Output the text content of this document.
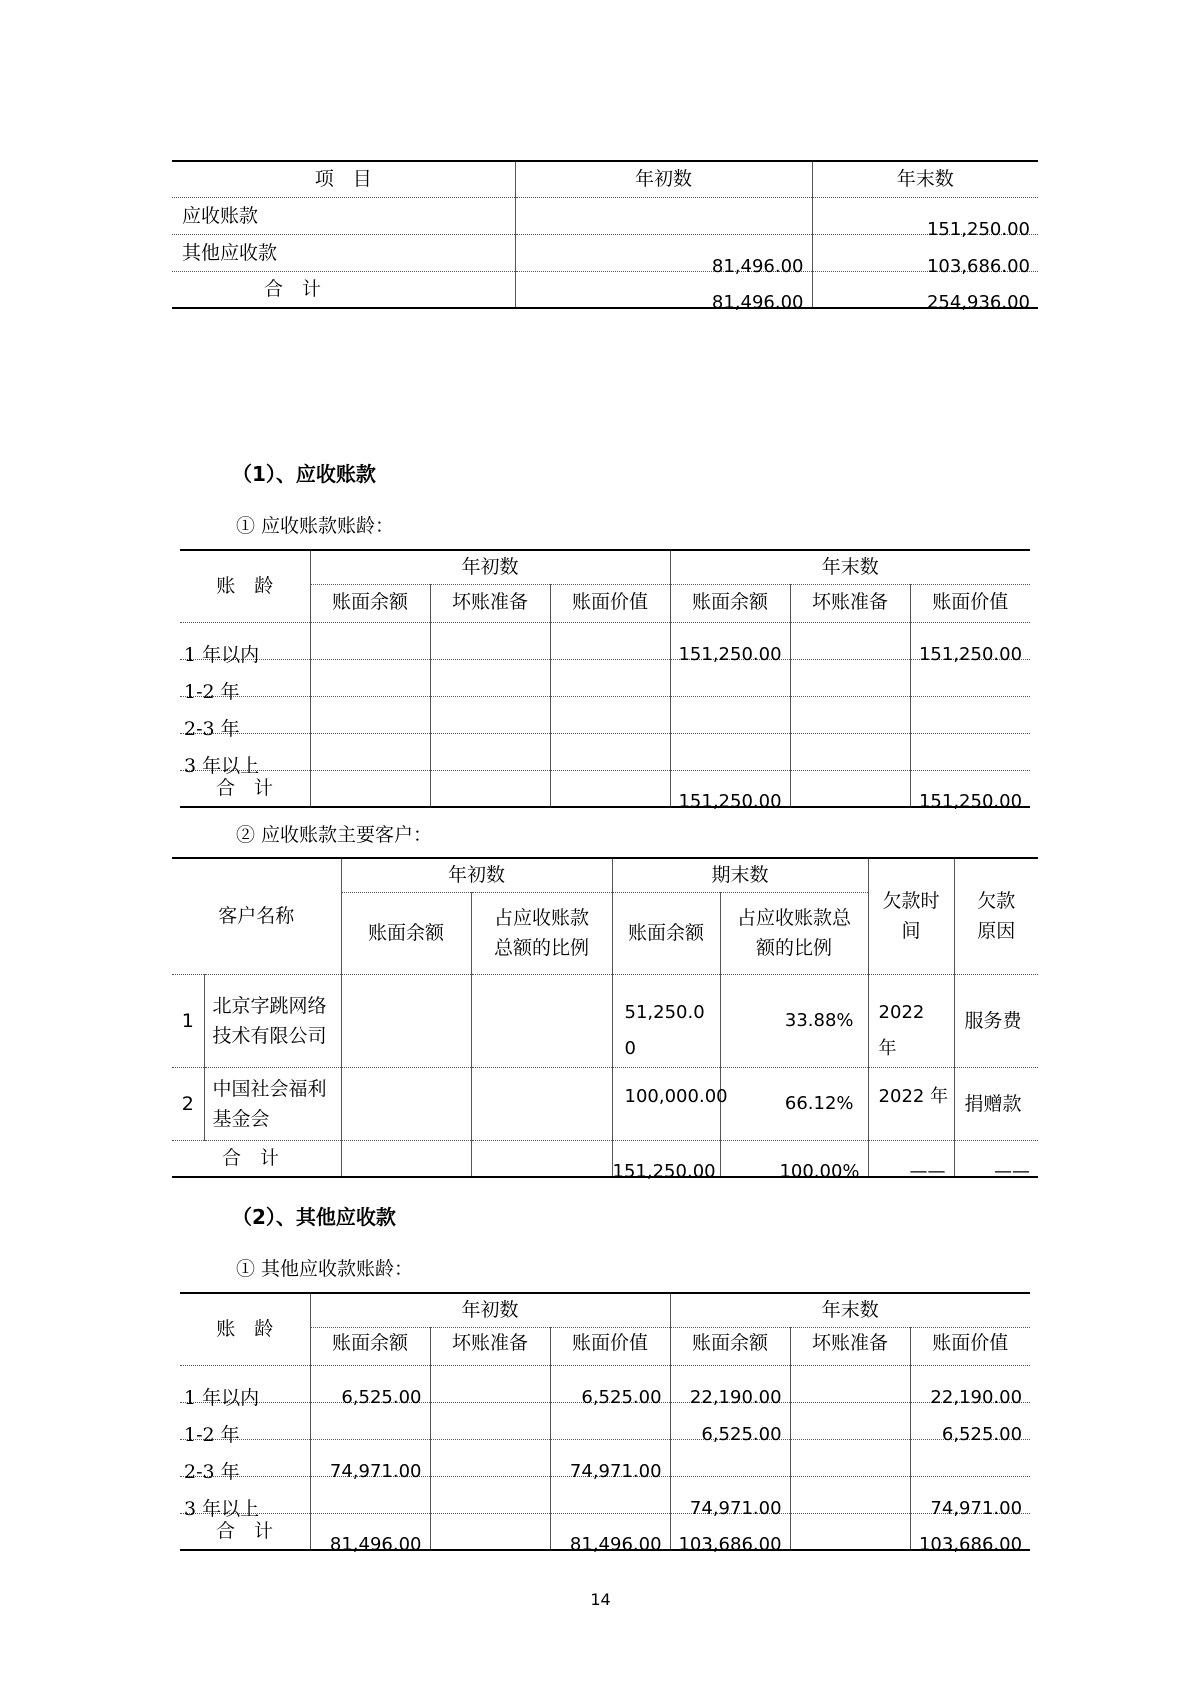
项　目	年初数	年末数
应收账款		151,250.00

其他应收款	81,496.00	103,686.00

合　计	81,496.00	254,936.00
（1）、应收账款
① 应收账款账龄：
账　龄	年初数			年末数		
	账面余额	坏账准备	账面价值	账面余额	坏账准备	账面价值

1 年以内				151,250.00		151,250.00

1-2 年						

2-3 年						

3 年以上						

合　计				151,250.00		151,250.00
② 应收账款主要客户：
客户名称		年初数		期末数		欠款时间	欠款原因
		账面余额	占应收账款总额的比例	账面余额	占应收账款总额的比例		
1	北京字跳网络技术有限公司			51,250.00	33.88%	2022 年	服务费
2	中国社会福利基金会			100,000.00	66.12%	2022 年	捐赠款
合　计				151,250.00	100.00%	——	——
（2）、其他应收款
① 其他应收款账龄：
账　龄	年初数			年末数		
	账面余额	坏账准备	账面价值	账面余额	坏账准备	账面价值

1 年以内	6,525.00		6,525.00	22,190.00		22,190.00

1-2 年				6,525.00		6,525.00

2-3 年	74,971.00		74,971.00			

3 年以上				74,971.00		74,971.00

合　计	81,496.00		81,496.00	103,686.00		103,686.00
14
